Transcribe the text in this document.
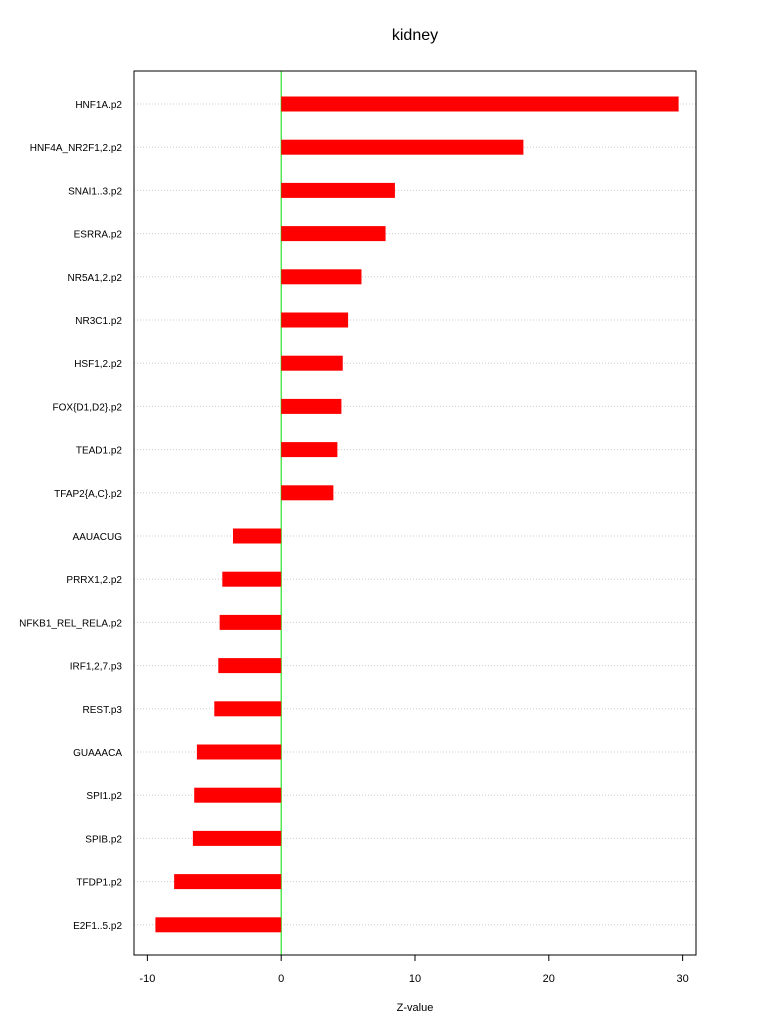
kidney
HNF1A.p2
HNF4A_NR2F1,2.p2
SNAI1..3.p2
ESRRA.p2
NR5A1,2.p2
NR3C1.p2
HSF1,2.p2
FOX{D1,D2}.p2
TEAD1.p2
TFAP2{A,C}.p2
AAUACUG
PRRX1,2.p2
NFKB1_REL_RELA.p2
IRF1,2,7.p3
REST.p3
GUAAACA
SPI1.p2
SPIB.p2
TFDP1.p2
E2F1..5.p2
-10	0	10	20	30
Z-value
